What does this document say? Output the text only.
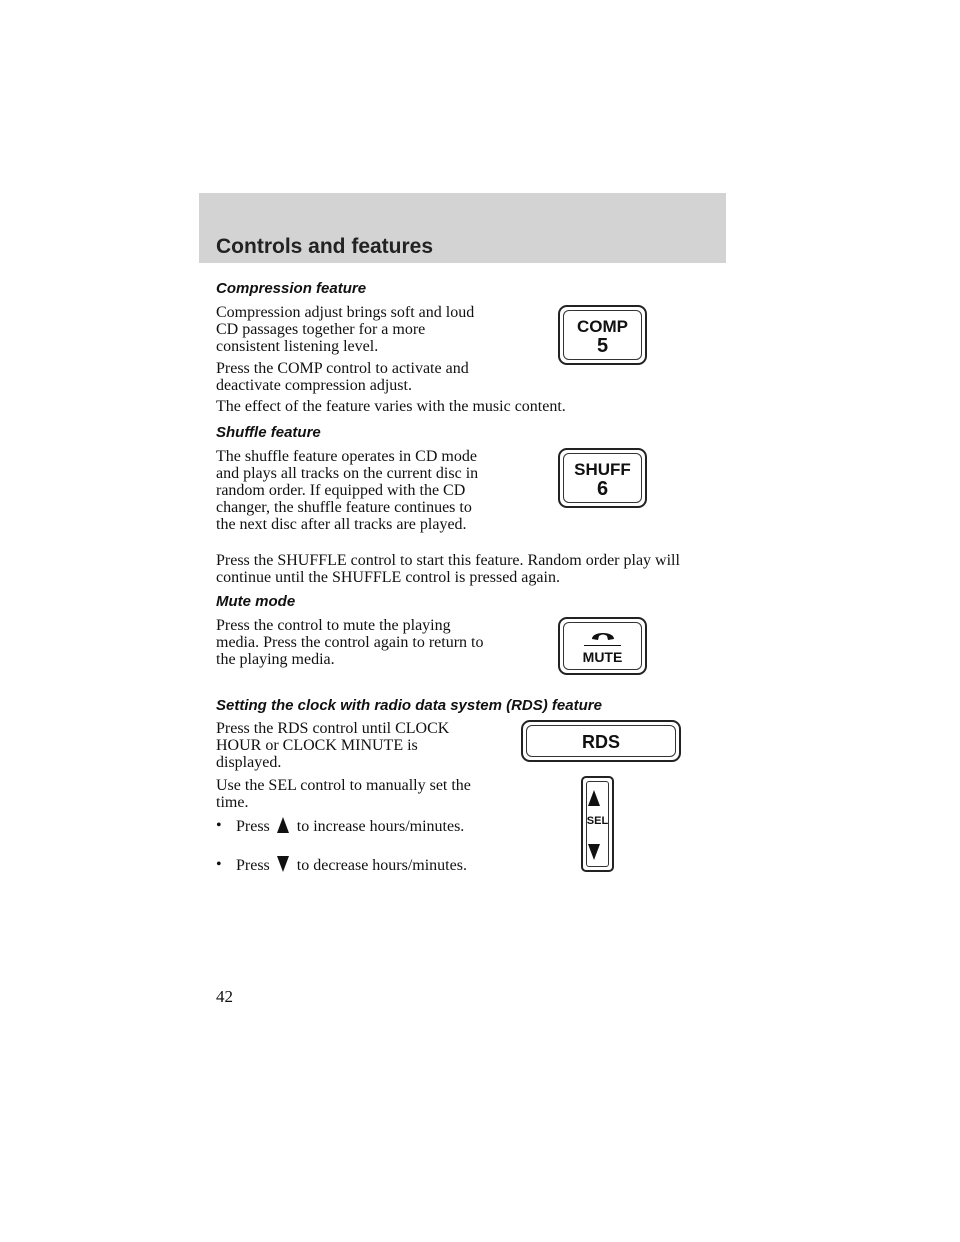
Controls and features
Compression feature
Compression adjust brings soft and loud CD passages together for a more consistent listening level.
Press the COMP control to activate and deactivate compression adjust.
The effect of the feature varies with the music content.
COMP
5
Shuffle feature
The shuffle feature operates in CD mode and plays all tracks on the current disc in random order. If equipped with the CD changer, the shuffle feature continues to the next disc after all tracks are played.
Press the SHUFFLE control to start this feature. Random order play will continue until the SHUFFLE control is pressed again.
SHUFF
6
Mute mode
Press the control to mute the playing media. Press the control again to return to the playing media.	MUTE
Setting the clock with radio data system (RDS) feature
Press the RDS control until CLOCK HOUR or CLOCK MINUTE is displayed.
Use the SEL control to manually set the time.
• Press to increase hours/minutes.
• Press to decrease hours/minutes.
RDS
SEL
42
